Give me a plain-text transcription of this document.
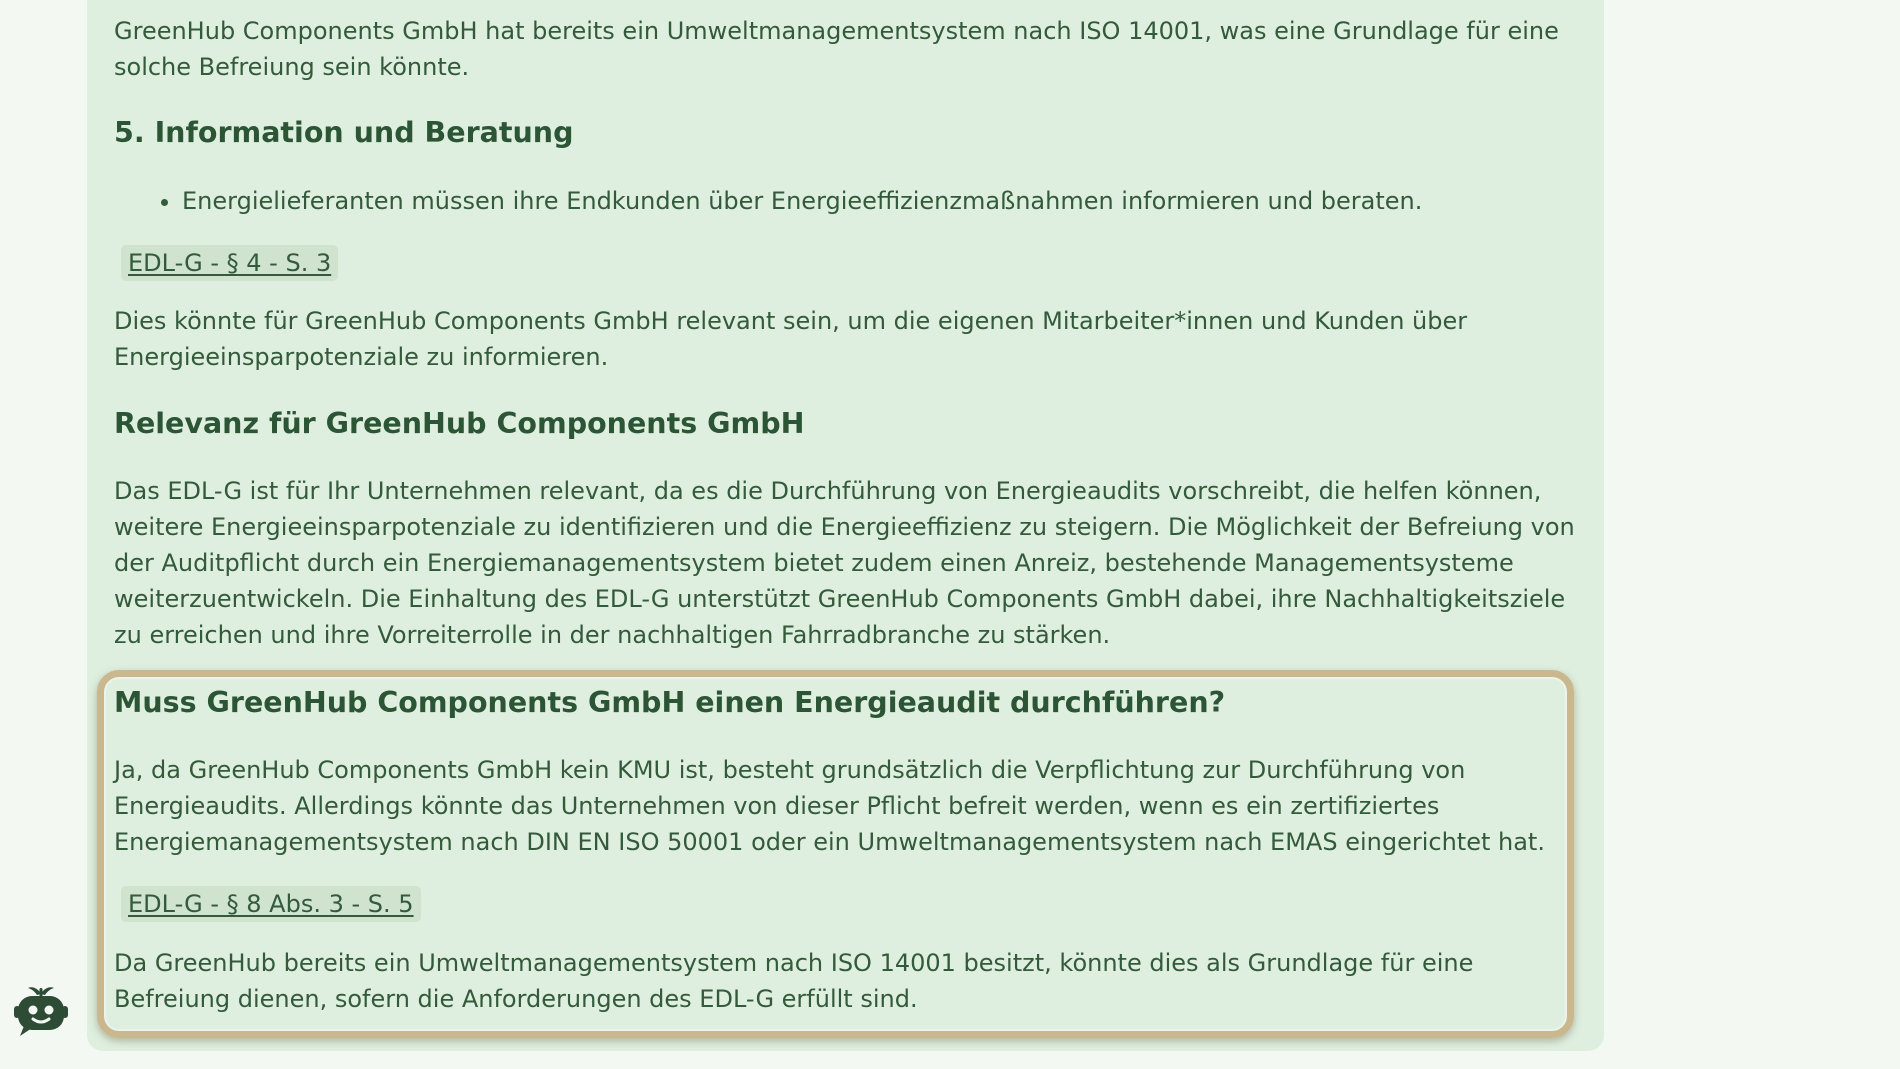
GreenHub Components GmbH hat bereits ein Umweltmanagementsystem nach ISO 14001, was eine Grundlage für eine solche Befreiung sein könnte.

5. Information und Beratung
• Energielieferanten müssen ihre Endkunden über Energieeffizienzmaßnahmen informieren und beraten.
EDL-G - § 4 - S. 3

Dies könnte für GreenHub Components GmbH relevant sein, um die eigenen Mitarbeiter*innen und Kunden über Energieeinsparpotenziale zu informieren.

Relevanz für GreenHub Components GmbH

Das EDL-G ist für Ihr Unternehmen relevant, da es die Durchführung von Energieaudits vorschreibt, die helfen können, weitere Energieeinsparpotenziale zu identifizieren und die Energieeffizienz zu steigern. Die Möglichkeit der Befreiung von der Auditpflicht durch ein Energiemanagementsystem bietet zudem einen Anreiz, bestehende Managementsysteme weiterzuentwickeln. Die Einhaltung des EDL-G unterstützt GreenHub Components GmbH dabei, ihre Nachhaltigkeitsziele zu erreichen und ihre Vorreiterrolle in der nachhaltigen Fahrradbranche zu stärken.

Muss GreenHub Components GmbH einen Energieaudit durchführen?

Ja, da GreenHub Components GmbH kein KMU ist, besteht grundsätzlich die Verpflichtung zur Durchführung von Energieaudits. Allerdings könnte das Unternehmen von dieser Pflicht befreit werden, wenn es ein zertifiziertes Energiemanagementsystem nach DIN EN ISO 50001 oder ein Umweltmanagementsystem nach EMAS eingerichtet hat.

EDL-G - § 8 Abs. 3 - S. 5

Da GreenHub bereits ein Umweltmanagementsystem nach ISO 14001 besitzt, könnte dies als Grundlage für eine Befreiung dienen, sofern die Anforderungen des EDL-G erfüllt sind.
